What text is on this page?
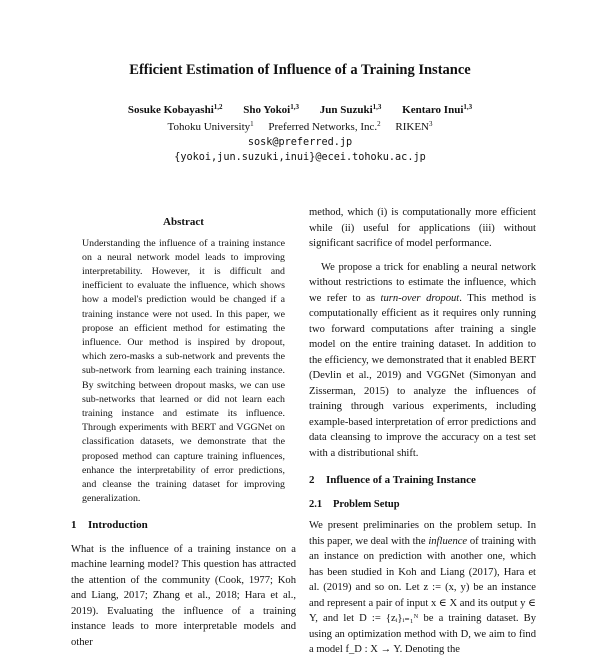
Efficient Estimation of Influence of a Training Instance
Sosuke Kobayashi$^{1,2}$ Sho Yokoi$^{1,3}$ Jun Suzuki$^{1,3}$ Kentaro Inui$^{1,3}$
Tohoku University$^1$ Preferred Networks, Inc.$^2$ RIKEN$^3$
sosk@preferred.jp
{yokoi,jun.suzuki,inui}@ecei.tohoku.ac.jp
Abstract
Understanding the influence of a training instance on a neural network model leads to improving interpretability. However, it is difficult and inefficient to evaluate the influence, which shows how a model's prediction would be changed if a training instance were not used. In this paper, we propose an efficient method for estimating the influence. Our method is inspired by dropout, which zero-masks a sub-network and prevents the sub-network from learning each training instance. By switching between dropout masks, we can use sub-networks that learned or did not learn each training instance and estimate its influence. Through experiments with BERT and VGGNet on classification datasets, we demonstrate that the proposed method can capture training influences, enhance the interpretability of error predictions, and cleanse the training dataset for improving generalization.
1 Introduction

What is the influence of a training instance on a machine learning model? This question has attracted the attention of the community (Cook, 1977; Koh and Liang, 2017; Zhang et al., 2018; Hara et al., 2019). Evaluating the influence of a training instance leads to more interpretable models and other

method, which (i) is computationally more efficient while (ii) useful for applications (iii) without significant sacrifice of model performance.

We propose a trick for enabling a neural network without restrictions to estimate the influence, which we refer to as turn-over dropout. This method is computationally efficient as it requires only running two forward computations after training a single model on the entire training dataset. In addition to the efficiency, we demonstrated that it enabled BERT (Devlin et al., 2019) and VGGNet (Simonyan and Zisserman, 2015) to analyze the influences of training through various experiments, including example-based interpretation of error predictions and data cleansing to improve the accuracy on a test set with a distributional shift.

2 Influence of a Training Instance
2.1 Problem Setup

We present preliminaries on the problem setup. In this paper, we deal with the influence of training with an instance on prediction with another one, which has been studied in Koh and Liang (2017), Hara et al. (2019) and so on. Let z := (x, y) be an instance and represent a pair of input x ∈ X and its output y ∈ Y, and let D := {zᵢ}ᵢ₌₁ᴺ be a training dataset. By using an optimization method with D, we aim to find a model f_D : X → Y. Denoting the
